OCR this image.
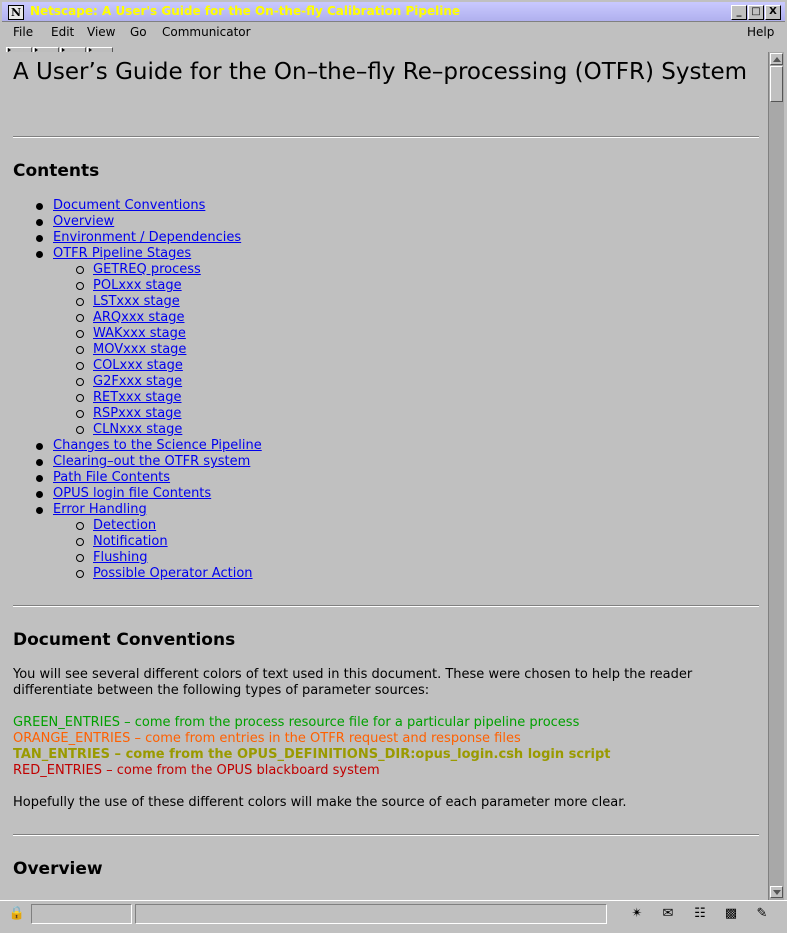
N Netscape: A User's Guide for the On-the-fly Calibration Pipeline	_ □ X
File Edit View Go Communicator	Help
A User’s Guide for the On–the–fly Re–processing (OTFR) System
Contents
Document Conventions
Overview
Environment / Dependencies
OTFR Pipeline Stages
GETREQ process
POLxxx stage
LSTxxx stage
ARQxxx stage
WAKxxx stage
MOVxxx stage
COLxxx stage
G2Fxxx stage
RETxxx stage
RSPxxx stage
CLNxxx stage
Changes to the Science Pipeline
Clearing–out the OTFR system
Path File Contents
OPUS login file Contents
Error Handling
Detection
Notification
Flushing
Possible Operator Action
Document Conventions

You will see several different colors of text used in this document. These were chosen to help the reader differentiate between the following types of parameter sources:

GREEN_ENTRIES – come from the process resource file for a particular pipeline process

ORANGE_ENTRIES – come from entries in the OTFR request and response files

TAN_ENTRIES – come from the OPUS_DEFINITIONS_DIR:opus_login.csh login script

RED_ENTRIES – come from the OPUS blackboard system

Hopefully the use of these different colors will make the source of each parameter more clear.

Overview
🔒	✴	✉	☷	▩	✎
